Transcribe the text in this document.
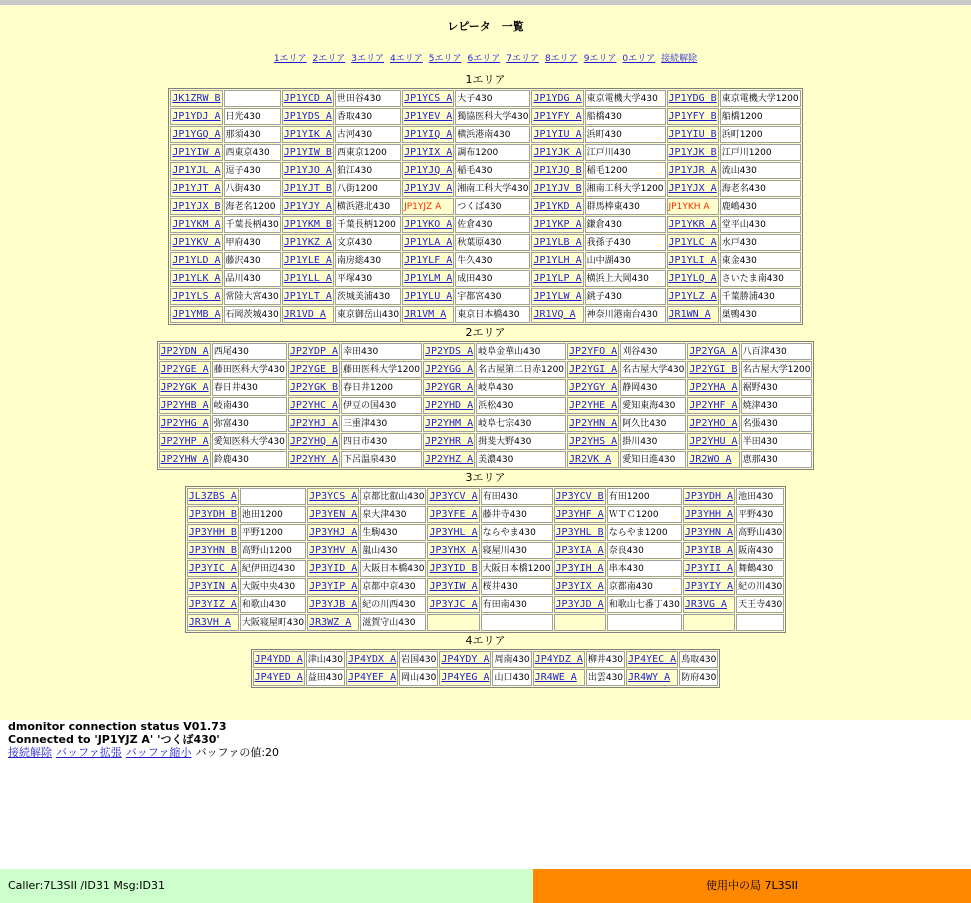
レピータ　一覧
1エリア 2エリア 3エリア 4エリア 5エリア 6エリア 7エリア 8エリア 9エリア 0エリア 接続解除
1エリア
JK1ZRW B		JP1YCD A	世田谷430	JP1YCS A	大子430	JP1YDG A	東京電機大学430	JP1YDG B	東京電機大学1200
JP1YDJ A	日光430	JP1YDS A	香取430	JP1YEV A	獨協医科大学430	JP1YFY A	船橋430	JP1YFY B	船橋1200
JP1YGQ A	那須430	JP1YIK A	古河430	JP1YIQ A	横浜港南430	JP1YIU A	浜町430	JP1YIU B	浜町1200
JP1YIW A	西東京430	JP1YIW B	西東京1200	JP1YIX A	調布1200	JP1YJK A	江戸川430	JP1YJK B	江戸川1200
JP1YJL A	逗子430	JP1YJO A	狛江430	JP1YJQ A	稲毛430	JP1YJQ B	稲毛1200	JP1YJR A	流山430
JP1YJT A	八街430	JP1YJT B	八街1200	JP1YJV A	湘南工科大学430	JP1YJV B	湘南工科大学1200	JP1YJX A	海老名430
JP1YJX B	海老名1200	JP1YJY A	横浜港北430	JP1YJZ A	つくば430	JP1YKD A	群馬棒東430	JP1YKH A	鹿嶋430
JP1YKM A	千葉長柄430	JP1YKM B	千葉長柄1200	JP1YKO A	佐倉430	JP1YKP A	鎌倉430	JP1YKR A	堂平山430
JP1YKV A	甲府430	JP1YKZ A	文京430	JP1YLA A	秋葉原430	JP1YLB A	我孫子430	JP1YLC A	水戸430
JP1YLD A	藤沢430	JP1YLE A	南房総430	JP1YLF A	牛久430	JP1YLH A	山中湖430	JP1YLI A	東金430
JP1YLK A	品川430	JP1YLL A	平塚430	JP1YLM A	成田430	JP1YLP A	横浜上大岡430	JP1YLQ A	さいたま南430
JP1YLS A	常陸大宮430	JP1YLT A	茨城美浦430	JP1YLU A	宇都宮430	JP1YLW A	銚子430	JP1YLZ A	千葉勝浦430
JP1YMB A	石岡茨城430	JR1VD A	東京御岳山430	JR1VM A	東京日本橋430	JR1VQ A	神奈川港南台430	JR1WN A	巣鴨430
2エリア
JP2YDN A	西尾430	JP2YDP A	幸田430	JP2YDS A	岐阜金華山430	JP2YFO A	刈谷430	JP2YGA A	八百津430
JP2YGE A	藤田医科大学430	JP2YGE B	藤田医科大学1200	JP2YGG A	名古屋第二日赤1200	JP2YGI A	名古屋大学430	JP2YGI B	名古屋大学1200
JP2YGK A	春日井430	JP2YGK B	春日井1200	JP2YGR A	岐阜430	JP2YGY A	静岡430	JP2YHA A	裾野430
JP2YHB A	岐南430	JP2YHC A	伊豆の国430	JP2YHD A	浜松430	JP2YHE A	愛知東海430	JP2YHF A	焼津430
JP2YHG A	弥富430	JP2YHJ A	三重津430	JP2YHM A	岐阜七宗430	JP2YHN A	阿久比430	JP2YHO A	名張430
JP2YHP A	愛知医科大学430	JP2YHQ A	四日市430	JP2YHR A	揖斐大野430	JP2YHS A	掛川430	JP2YHU A	半田430
JP2YHW A	鈴鹿430	JP2YHY A	下呂温泉430	JP2YHZ A	美濃430	JR2VK A	愛知日進430	JR2WO A	恵那430
3エリア
JL3ZBS A		JP3YCS A	京都比叡山430	JP3YCV A	有田430	JP3YCV B	有田1200	JP3YDH A	池田430
JP3YDH B	池田1200	JP3YEN A	泉大津430	JP3YFE A	藤井寺430	JP3YHF A	ＷＴＣ1200	JP3YHH A	平野430
JP3YHH B	平野1200	JP3YHJ A	生駒430	JP3YHL A	ならやま430	JP3YHL B	ならやま1200	JP3YHN A	高野山430
JP3YHN B	高野山1200	JP3YHV A	嵐山430	JP3YHX A	寝屋川430	JP3YIA A	奈良430	JP3YIB A	阪南430
JP3YIC A	紀伊田辺430	JP3YID A	大阪日本橋430	JP3YID B	大阪日本橋1200	JP3YIH A	串本430	JP3YII A	舞鶴430
JP3YIN A	大阪中央430	JP3YIP A	京都中京430	JP3YIW A	桜井430	JP3YIX A	京都南430	JP3YIY A	紀の川430
JP3YIZ A	和歌山430	JP3YJB A	紀の川西430	JP3YJC A	有田南430	JP3YJD A	和歌山七番丁430	JR3VG A	天王寺430
JR3VH A	大阪寝屋町430	JR3WZ A	滋賀守山430						
4エリア
JP4YDD A	津山430	JP4YDX A	岩国430	JP4YDY A	周南430	JP4YDZ A	柳井430	JP4YEC A	鳥取430
JP4YED A	益田430	JP4YEF A	岡山430	JP4YEG A	山口430	JR4WE A	出雲430	JR4WY A	防府430
dmonitor connection status V01.73
Connected to 'JP1YJZ A' 'つくば430'
接続解除 バッファ拡張 バッファ縮小 バッファの値:20
Caller:7L3SII /ID31 Msg:ID31	使用中の局 7L3SII
